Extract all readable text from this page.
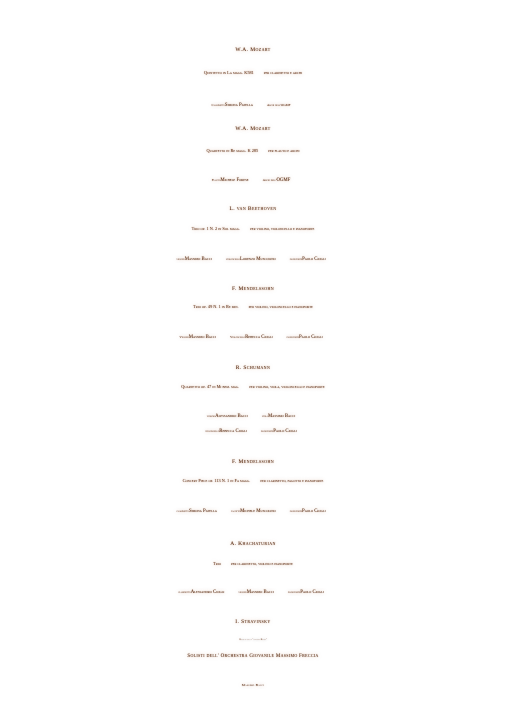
W.A. Mozart
Quintetto in La magg. K581	per clarinetto e archi
Clarinetto Simona Patella	Archi dell'OGMF
W.A. Mozart
Quartetto in Re magg. K 285	per flauto e archi
Flauto Michele Forese	Archi dell' OGMF
L. van Beethoven
Trio op. 1 N. 2 in Sol magg.	per violino, violoncello e pianoforte
violino Massimo Bacci	violoncello Lorenzo Muscolino	pianoforte Paolo Ciogli
F. Mendelssohn
Trio op. 49 N. 1 in Re min.	per violino, violoncello e pianoforte
Violino Massimo Bacci	Violoncello Rebecca Ciogli	pianoforte Paolo Ciogli
R. Schumann
Quartetto op. 47 in Mi bem. mag.	per violino, viola, violoncello e pianoforte
violino Alessandro Bacci	viola Massimo Bacci
violoncello Rebecca Ciogli	pianoforte Paolo Ciogli
F. Mendelssohn
Concert Piece op. 113 N. 1 in Fa magg.	per clarinetto, fagotto e pianoforte
clarinetto Simona Patella	fagotto Michele Muscolino	pianoforte Paolo Ciogli
A. Khachaturian
Trio	per clarinetto, violino e pianoforte
clarinetto Alessandro Ciogli	violino Massimo Bacci	pianoforte Paolo Ciogli
I. Stravinsky
Histoire du soldat - "laboratorio Histoire"
Solisti dell' Orchestra Giovanile Massimo Freccia
Massimo Bacci
